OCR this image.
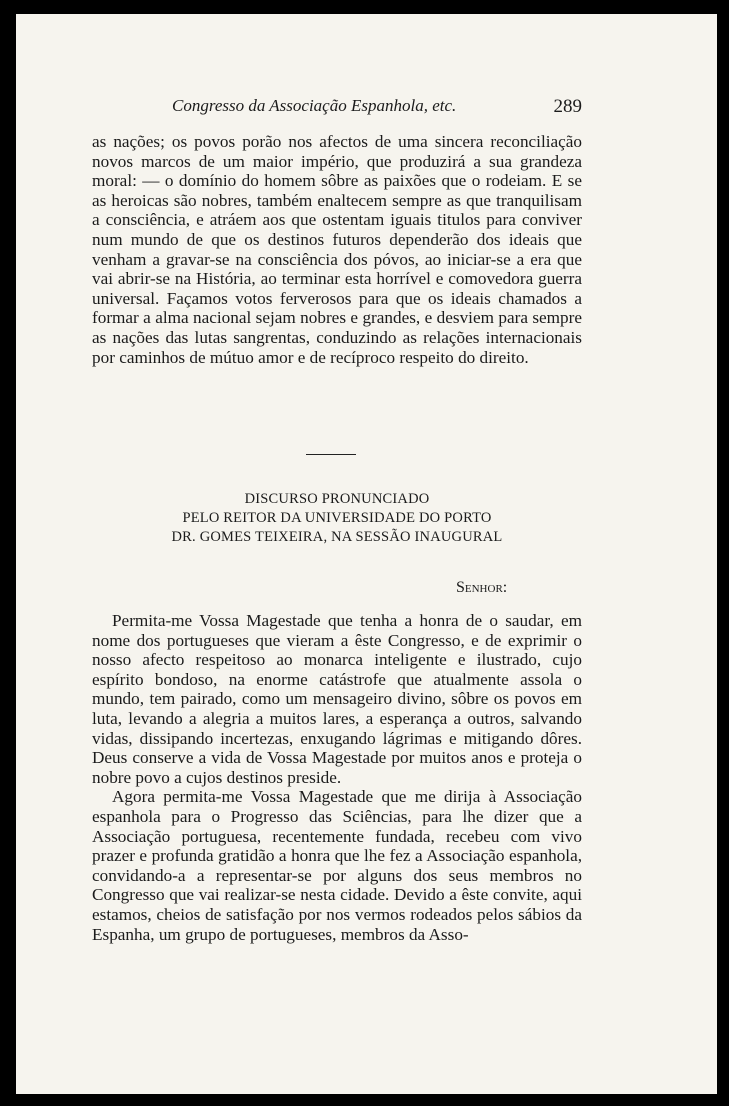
Congresso da Associação Espanhola, etc.	289

as nações; os povos porão nos afectos de uma sincera reconciliação novos marcos de um maior império, que produzirá a sua grandeza moral: — o domínio do homem sôbre as paixões que o rodeiam. E se as heroicas são nobres, também enaltecem sempre as que tranquilisam a consciência, e atráem aos que ostentam iguais titulos para conviver num mundo de que os destinos futuros dependerão dos ideais que venham a gravar-se na consciência dos póvos, ao iniciar-se a era que vai abrir-se na História, ao terminar esta horrível e comovedora guerra universal. Façamos votos ferverosos para que os ideais chamados a formar a alma nacional sejam nobres e grandes, e desviem para sempre as nações das lutas sangrentas, conduzindo as relações internacionais por caminhos de mútuo amor e de recíproco respeito do direito.

DISCURSO PRONUNCIADO
PELO REITOR DA UNIVERSIDADE DO PORTO
DR. GOMES TEIXEIRA, NA SESSÃO INAUGURAL
Senhor:

Permita-me Vossa Magestade que tenha a honra de o saudar, em nome dos portugueses que vieram a êste Congresso, e de exprimir o nosso afecto respeitoso ao monarca inteligente e ilustrado, cujo espírito bondoso, na enorme catástrofe que atualmente assola o mundo, tem pairado, como um mensageiro divino, sôbre os povos em luta, levando a alegria a muitos lares, a esperança a outros, salvando vidas, dissipando incertezas, enxugando lágrimas e mitigando dôres. Deus conserve a vida de Vossa Magestade por muitos anos e proteja o nobre povo a cujos destinos preside.

Agora permita-me Vossa Magestade que me dirija à Associação espanhola para o Progresso das Sciências, para lhe dizer que a Associação portuguesa, recentemente fundada, recebeu com vivo prazer e profunda gratidão a honra que lhe fez a Associação espanhola, convidando-a a representar-se por alguns dos seus membros no Congresso que vai realizar-se nesta cidade. Devido a êste convite, aqui estamos, cheios de satisfação por nos vermos rodeados pelos sábios da Espanha, um grupo de portugueses, membros da Asso-
